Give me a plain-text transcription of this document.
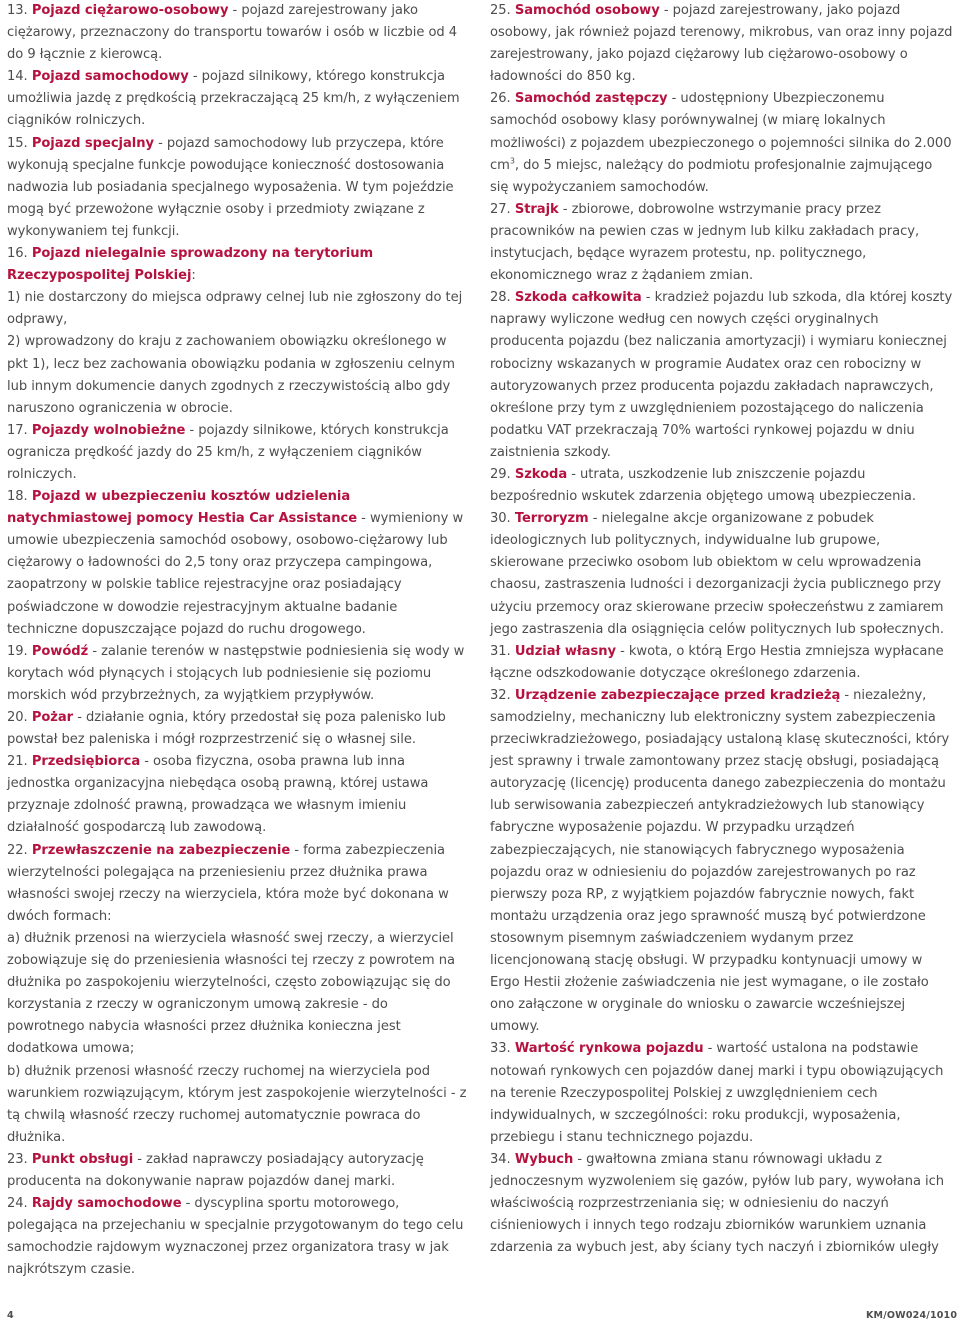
13. Pojazd ciężarowo-osobowy - pojazd zarejestrowany jako ciężarowy, przeznaczony do transportu towarów i osób w liczbie od 4 do 9 łącznie z kierowcą.

14. Pojazd samochodowy - pojazd silnikowy, którego konstrukcja umożliwia jazdę z prędkością przekraczającą 25 km/h, z wyłączeniem ciągników rolniczych.

15. Pojazd specjalny - pojazd samochodowy lub przyczepa, które wykonują specjalne funkcje powodujące konieczność dostosowania nadwozia lub posiadania specjalnego wyposażenia. W tym pojeździe mogą być przewożone wyłącznie osoby i przedmioty związane z wykonywaniem tej funkcji.

16. Pojazd nielegalnie sprowadzony na terytorium Rzeczypospolitej Polskiej:

1) nie dostarczony do miejsca odprawy celnej lub nie zgłoszony do tej odprawy,

2) wprowadzony do kraju z zachowaniem obowiązku określonego w pkt 1), lecz bez zachowania obowiązku podania w zgłoszeniu celnym lub innym dokumencie danych zgodnych z rzeczywistością albo gdy naruszono ograniczenia w obrocie.

17. Pojazdy wolnobieżne - pojazdy silnikowe, których konstrukcja ogranicza prędkość jazdy do 25 km/h, z wyłączeniem ciągników rolniczych.

18. Pojazd w ubezpieczeniu kosztów udzielenia natychmiastowej pomocy Hestia Car Assistance - wymieniony w umowie ubezpieczenia samochód osobowy, osobowo-ciężarowy lub ciężarowy o ładowności do 2,5 tony oraz przyczepa campingowa, zaopatrzony w polskie tablice rejestracyjne oraz posiadający poświadczone w dowodzie rejestracyjnym aktualne badanie techniczne dopuszczające pojazd do ruchu drogowego.

19. Powódź - zalanie terenów w następstwie podniesienia się wody w korytach wód płynących i stojących lub podniesienie się poziomu morskich wód przybrzeżnych, za wyjątkiem przypływów.

20. Pożar - działanie ognia, który przedostał się poza palenisko lub powstał bez paleniska i mógł rozprzestrzenić się o własnej sile.

21. Przedsiębiorca - osoba fizyczna, osoba prawna lub inna jednostka organizacyjna niebędąca osobą prawną, której ustawa przyznaje zdolność prawną, prowadząca we własnym imieniu działalność gospodarczą lub zawodową.

22. Przewłaszczenie na zabezpieczenie - forma zabezpieczenia wierzytelności polegająca na przeniesieniu przez dłużnika prawa własności swojej rzeczy na wierzyciela, która może być dokonana w dwóch formach:

a) dłużnik przenosi na wierzyciela własność swej rzeczy, a wierzyciel zobowiązuje się do przeniesienia własności tej rzeczy z powrotem na dłużnika po zaspokojeniu wierzytelności, często zobowiązując się do korzystania z rzeczy w ograniczonym umową zakresie - do powrotnego nabycia własności przez dłużnika konieczna jest dodatkowa umowa;

b) dłużnik przenosi własność rzeczy ruchomej na wierzyciela pod warunkiem rozwiązującym, którym jest zaspokojenie wierzytelności - z tą chwilą własność rzeczy ruchomej automatycznie powraca do dłużnika.

23. Punkt obsługi - zakład naprawczy posiadający autoryzację producenta na dokonywanie napraw pojazdów danej marki.

24. Rajdy samochodowe - dyscyplina sportu motorowego, polegająca na przejechaniu w specjalnie przygotowanym do tego celu samochodzie rajdowym wyznaczonej przez organizatora trasy w jak najkrótszym czasie.

25. Samochód osobowy - pojazd zarejestrowany, jako pojazd osobowy, jak również pojazd terenowy, mikrobus, van oraz inny pojazd zarejestrowany, jako pojazd ciężarowy lub ciężarowo-osobowy o ładowności do 850 kg.

26. Samochód zastępczy - udostępniony Ubezpieczonemu samochód osobowy klasy porównywalnej (w miarę lokalnych możliwości) z pojazdem ubezpieczonego o pojemności silnika do 2.000 $cm^3$, do 5 miejsc, należący do podmiotu profesjonalnie zajmującego się wypożyczaniem samochodów.

27. Strajk - zbiorowe, dobrowolne wstrzymanie pracy przez pracowników na pewien czas w jednym lub kilku zakładach pracy, instytucjach, będące wyrazem protestu, np. politycznego, ekonomicznego wraz z żądaniem zmian.

28. Szkoda całkowita - kradzież pojazdu lub szkoda, dla której koszty naprawy wyliczone według cen nowych części oryginalnych producenta pojazdu (bez naliczania amortyzacji) i wymiaru koniecznej robocizny wskazanych w programie Audatex oraz cen robocizny w autoryzowanych przez producenta pojazdu zakładach naprawczych, określone przy tym z uwzględnieniem pozostającego do naliczenia podatku VAT przekraczają 70% wartości rynkowej pojazdu w dniu zaistnienia szkody.

29. Szkoda - utrata, uszkodzenie lub zniszczenie pojazdu bezpośrednio wskutek zdarzenia objętego umową ubezpieczenia.

30. Terroryzm - nielegalne akcje organizowane z pobudek ideologicznych lub politycznych, indywidualne lub grupowe, skierowane przeciwko osobom lub obiektom w celu wprowadzenia chaosu, zastraszenia ludności i dezorganizacji życia publicznego przy użyciu przemocy oraz skierowane przeciw społeczeństwu z zamiarem jego zastraszenia dla osiągnięcia celów politycznych lub społecznych.

31. Udział własny - kwota, o którą Ergo Hestia zmniejsza wypłacane łączne odszkodowanie dotyczące określonego zdarzenia.

32. Urządzenie zabezpieczające przed kradzieżą - niezależny, samodzielny, mechaniczny lub elektroniczny system zabezpieczenia przeciwkradzieżowego, posiadający ustaloną klasę skuteczności, który jest sprawny i trwale zamontowany przez stację obsługi, posiadającą autoryzację (licencję) producenta danego zabezpieczenia do montażu lub serwisowania zabezpieczeń antykradzieżowych lub stanowiący fabryczne wyposażenie pojazdu. W przypadku urządzeń zabezpieczających, nie stanowiących fabrycznego wyposażenia pojazdu oraz w odniesieniu do pojazdów zarejestrowanych po raz pierwszy poza RP, z wyjątkiem pojazdów fabrycznie nowych, fakt montażu urządzenia oraz jego sprawność muszą być potwierdzone stosownym pisemnym zaświadczeniem wydanym przez licencjonowaną stację obsługi. W przypadku kontynuacji umowy w Ergo Hestii złożenie zaświadczenia nie jest wymagane, o ile zostało ono załączone w oryginale do wniosku o zawarcie wcześniejszej umowy.

33. Wartość rynkowa pojazdu - wartość ustalona na podstawie notowań rynkowych cen pojazdów danej marki i typu obowiązujących na terenie Rzeczypospolitej Polskiej z uwzględnieniem cech indywidualnych, w szczególności: roku produkcji, wyposażenia, przebiegu i stanu technicznego pojazdu.

34. Wybuch - gwałtowna zmiana stanu równowagi układu z jednoczesnym wyzwoleniem się gazów, pyłów lub pary, wywołana ich właściwością rozprzestrzeniania się; w odniesieniu do naczyń ciśnieniowych i innych tego rodzaju zbiorników warunkiem uznania zdarzenia za wybuch jest, aby ściany tych naczyń i zbiorników uległy

4	KM/OW024/1010
